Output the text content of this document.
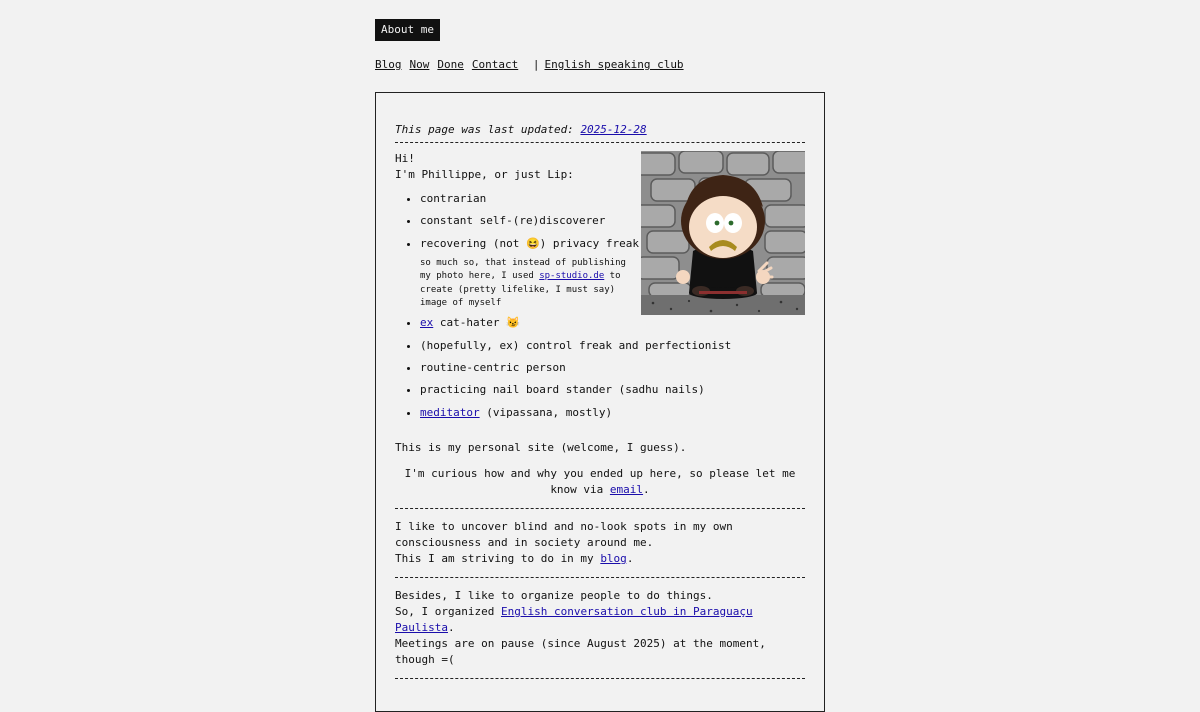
About me
Blog Now Done Contact | English speaking club
This page was last updated: 2025-12-28
Hi!
I'm Phillippe, or just Lip:
• contrarian
• constant self-(re)discoverer
• recovering (not 😆) privacy freak
so much so, that instead of publishing my photo here, I used sp-studio.de to create (pretty lifelike, I must say) image of myself
• ex cat-hater 😼
• (hopefully, ex) control freak and perfectionist
• routine-centric person
• practicing nail board stander (sadhu nails)
• meditator (vipassana, mostly)
This is my personal site (welcome, I guess).
I'm curious how and why you ended up here, so please let me know via email.
I like to uncover blind and no-look spots in my own consciousness and in society around me.
This I am striving to do in my blog.
Besides, I like to organize people to do things.
So, I organized English conversation club in Paraguaçu Paulista.
Meetings are on pause (since August 2025) at the moment, though =(
